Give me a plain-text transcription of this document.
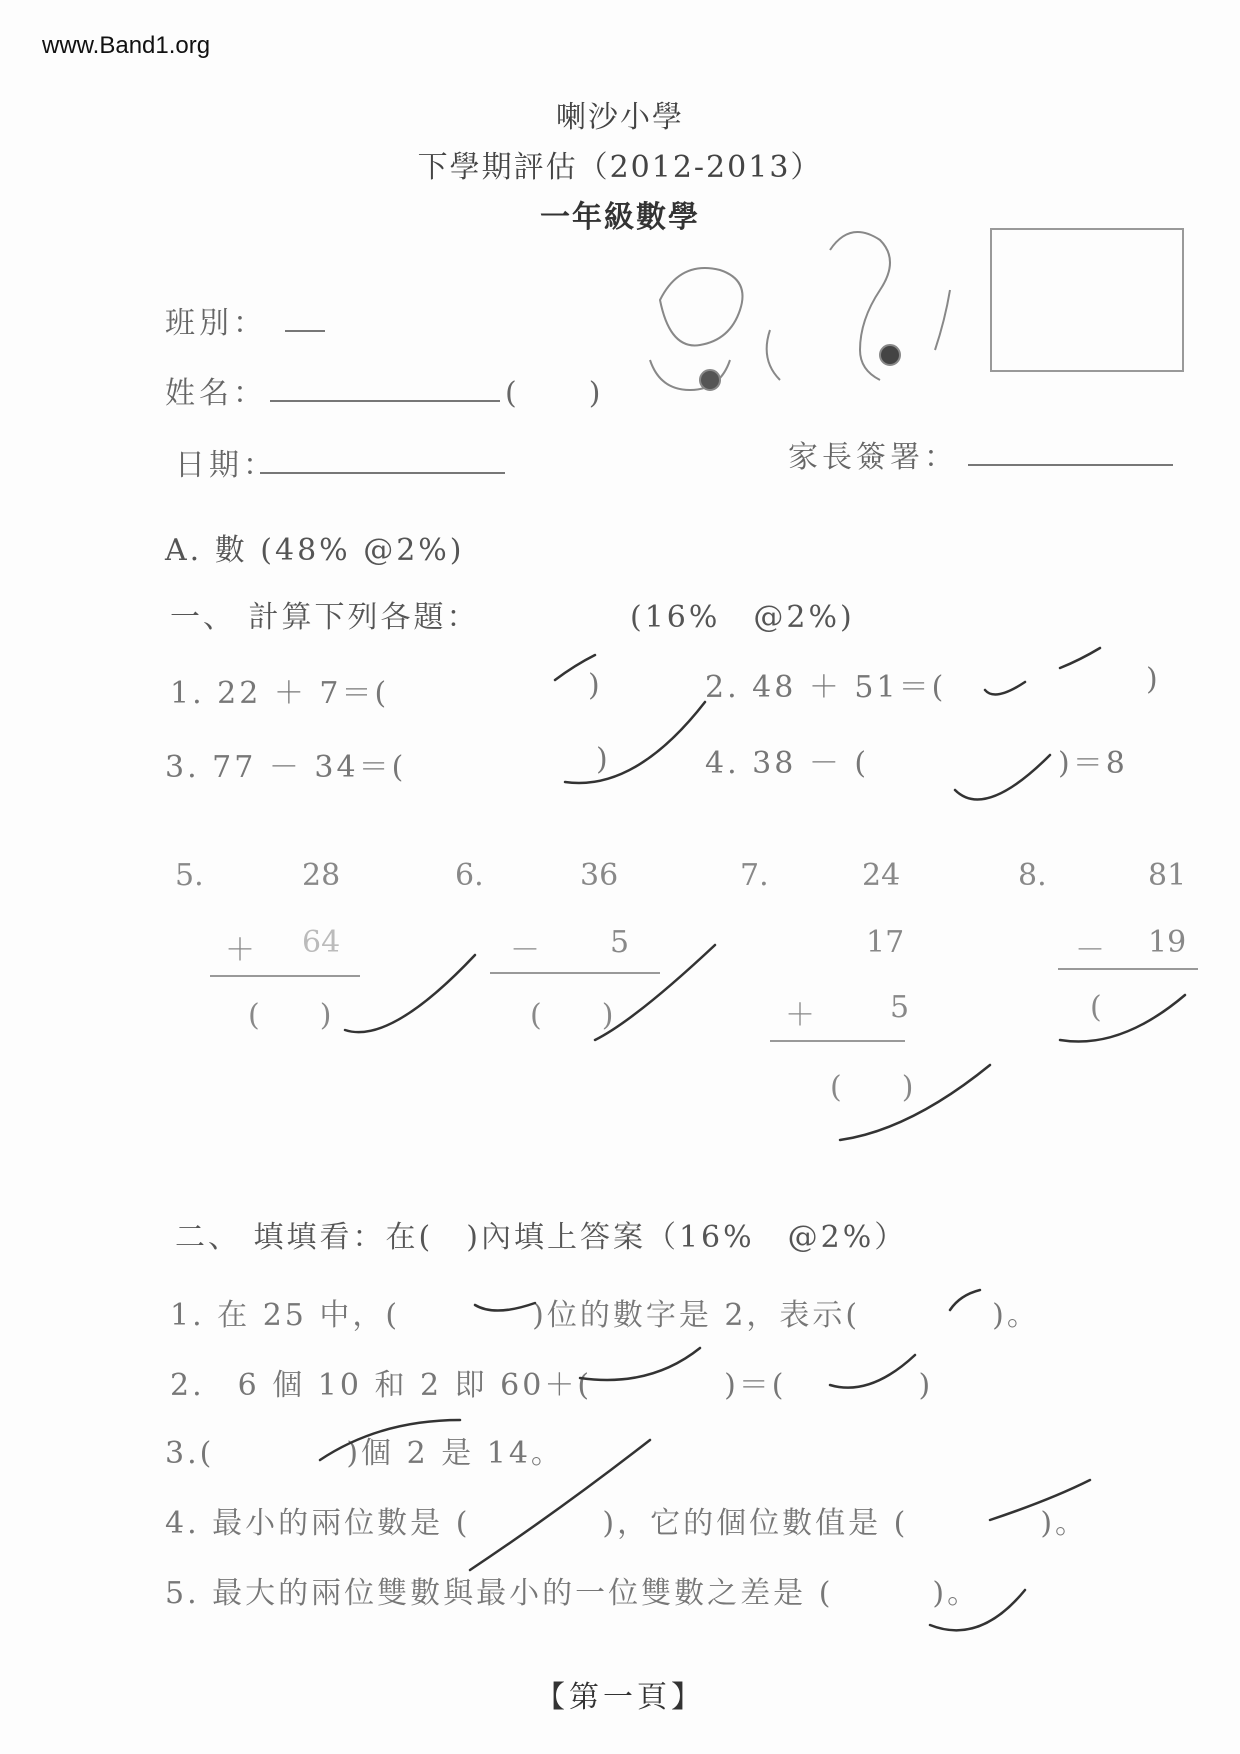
www.Band1.org
喇沙小學
下學期評估（2012-2013）
一年級數學
班別：
姓名：	(　　)
日期：	家長簽署：
A. 數 (48% @2%)
一、 計算下列各題：	(16%　@2%)
1. 22 ＋ 7＝(	)	2. 48 ＋ 51＝(	)
3. 77 － 34＝(	)	4. 38 － (	)＝8
5.	28
＋ 64
(　　)
6.	36
－ 5
(　　)
7.	24
17
＋	5
(　　)
8.	81
－ 19
(
二、 填填看：在(　)內填上答案（16%　@2%）
1. 在 25 中，(　　　　)位的數字是 2，表示(　　　　)。
2.　6 個 10 和 2 即 60＋(　　　　)＝(　　　　)
3.(　　　　)個 2 是 14。
4. 最小的兩位數是 (　　　　)，它的個位數值是 (　　　　)。
5. 最大的兩位雙數與最小的一位雙數之差是 (　　　)。
【第一頁】
